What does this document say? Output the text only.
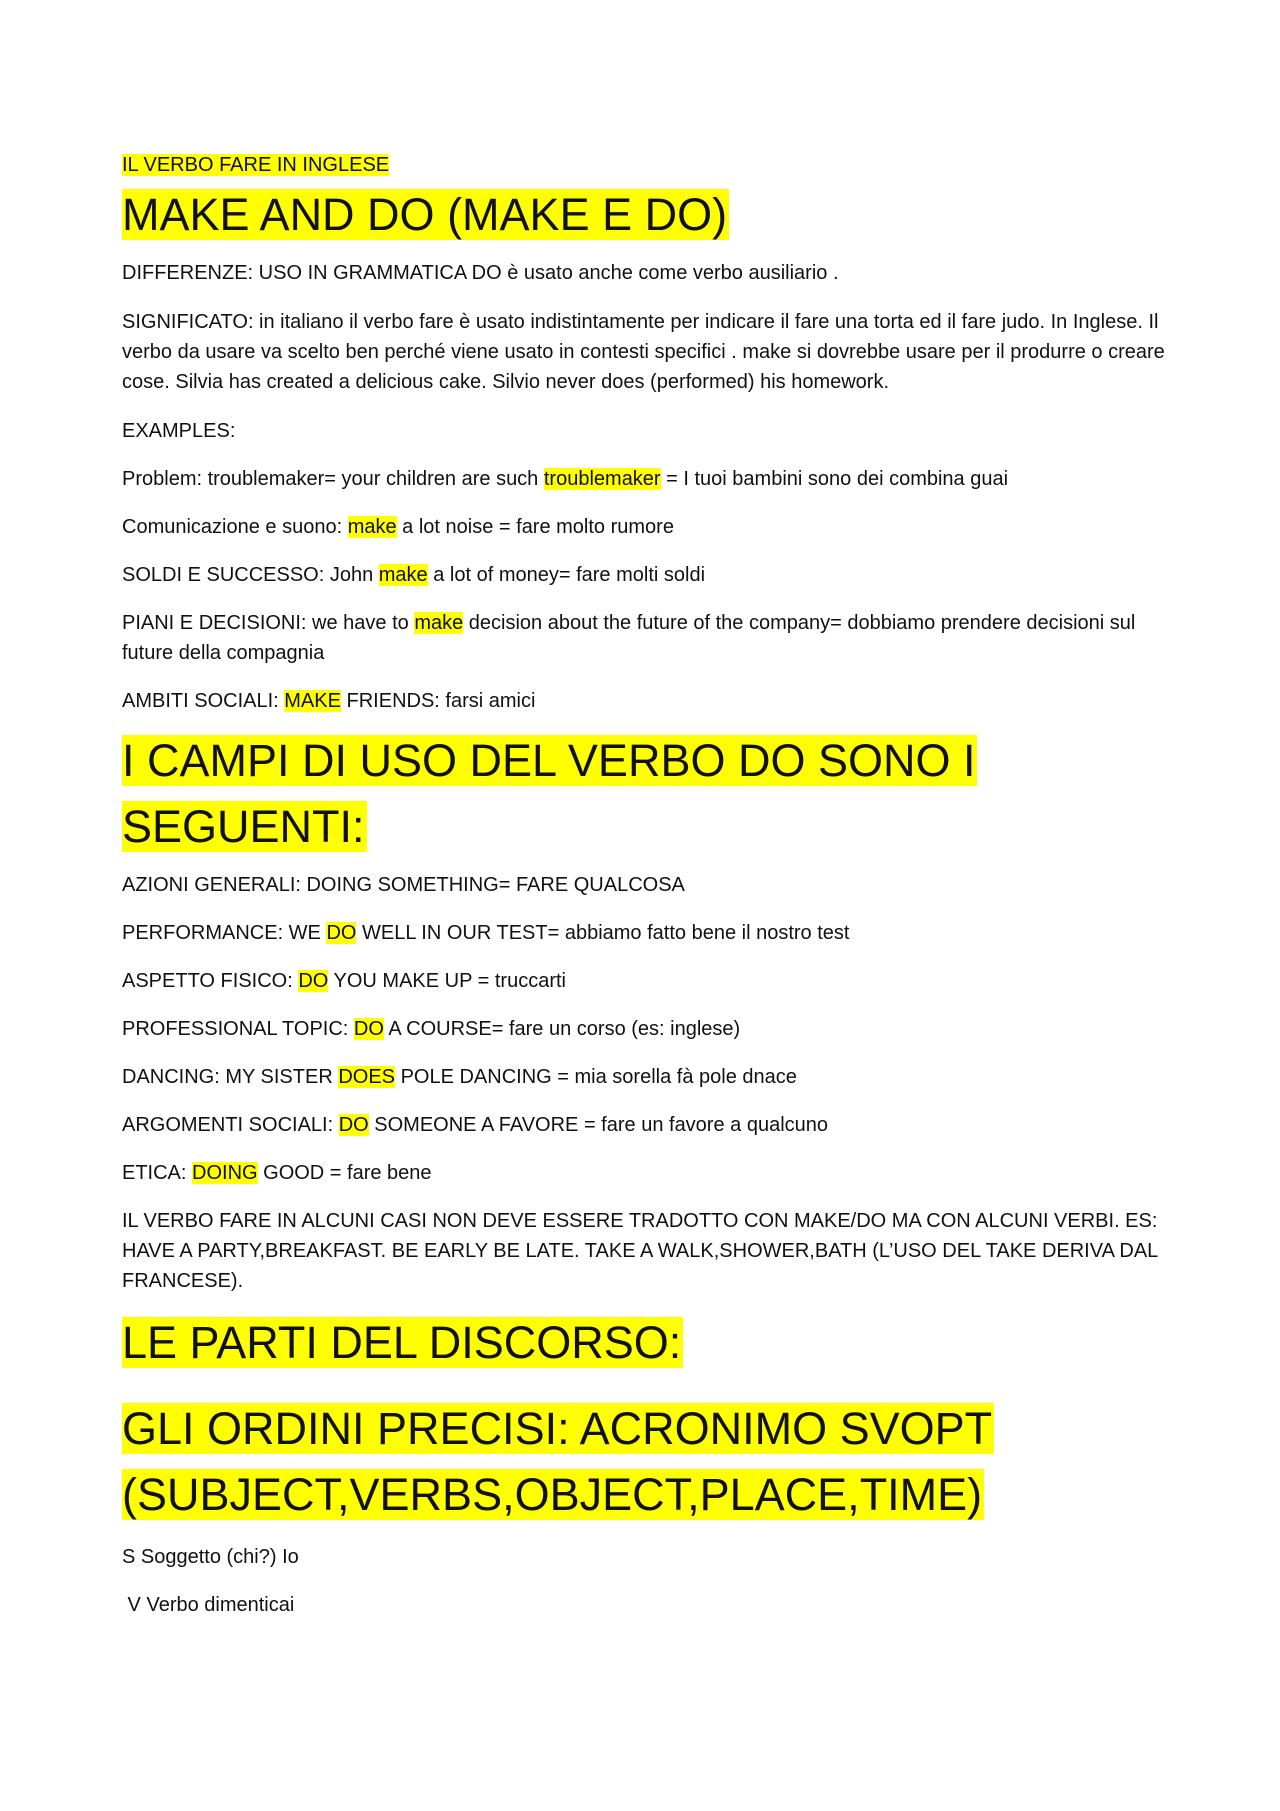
IL VERBO FARE IN INGLESE

MAKE AND DO (MAKE E DO)

DIFFERENZE: USO IN GRAMMATICA DO è usato anche come verbo ausiliario .

SIGNIFICATO: in italiano il verbo fare è usato indistintamente per indicare il fare una torta ed il fare judo. In Inglese. Il verbo da usare va scelto ben perché viene usato in contesti specifici . make si dovrebbe usare per il produrre o creare cose. Silvia has created a delicious cake. Silvio never does (performed) his homework.

EXAMPLES:

Problem: troublemaker= your children are such troublemaker = I tuoi bambini sono dei combina guai

Comunicazione e suono: make a lot noise = fare molto rumore

SOLDI E SUCCESSO: John make a lot of money= fare molti soldi

PIANI E DECISIONI: we have to make decision about the future of the company= dobbiamo prendere decisioni sul future della compagnia

AMBITI SOCIALI: MAKE FRIENDS: farsi amici

I CAMPI DI USO DEL VERBO DO SONO I SEGUENTI:

AZIONI GENERALI: DOING SOMETHING= FARE QUALCOSA

PERFORMANCE: WE DO WELL IN OUR TEST= abbiamo fatto bene il nostro test

ASPETTO FISICO: DO YOU MAKE UP = truccarti

PROFESSIONAL TOPIC: DO A COURSE= fare un corso (es: inglese)

DANCING: MY SISTER DOES POLE DANCING = mia sorella fà pole dnace

ARGOMENTI SOCIALI: DO SOMEONE A FAVORE = fare un favore a qualcuno

ETICA: DOING GOOD = fare bene

IL VERBO FARE IN ALCUNI CASI NON DEVE ESSERE TRADOTTO CON MAKE/DO MA CON ALCUNI VERBI. ES: HAVE A PARTY,BREAKFAST. BE EARLY BE LATE. TAKE A WALK,SHOWER,BATH (L’USO DEL TAKE DERIVA DAL FRANCESE).

LE PARTI DEL DISCORSO:
GLI ORDINI PRECISI: ACRONIMO SVOPT (SUBJECT,VERBS,OBJECT,PLACE,TIME)

S Soggetto (chi?) Io

V Verbo dimenticai
